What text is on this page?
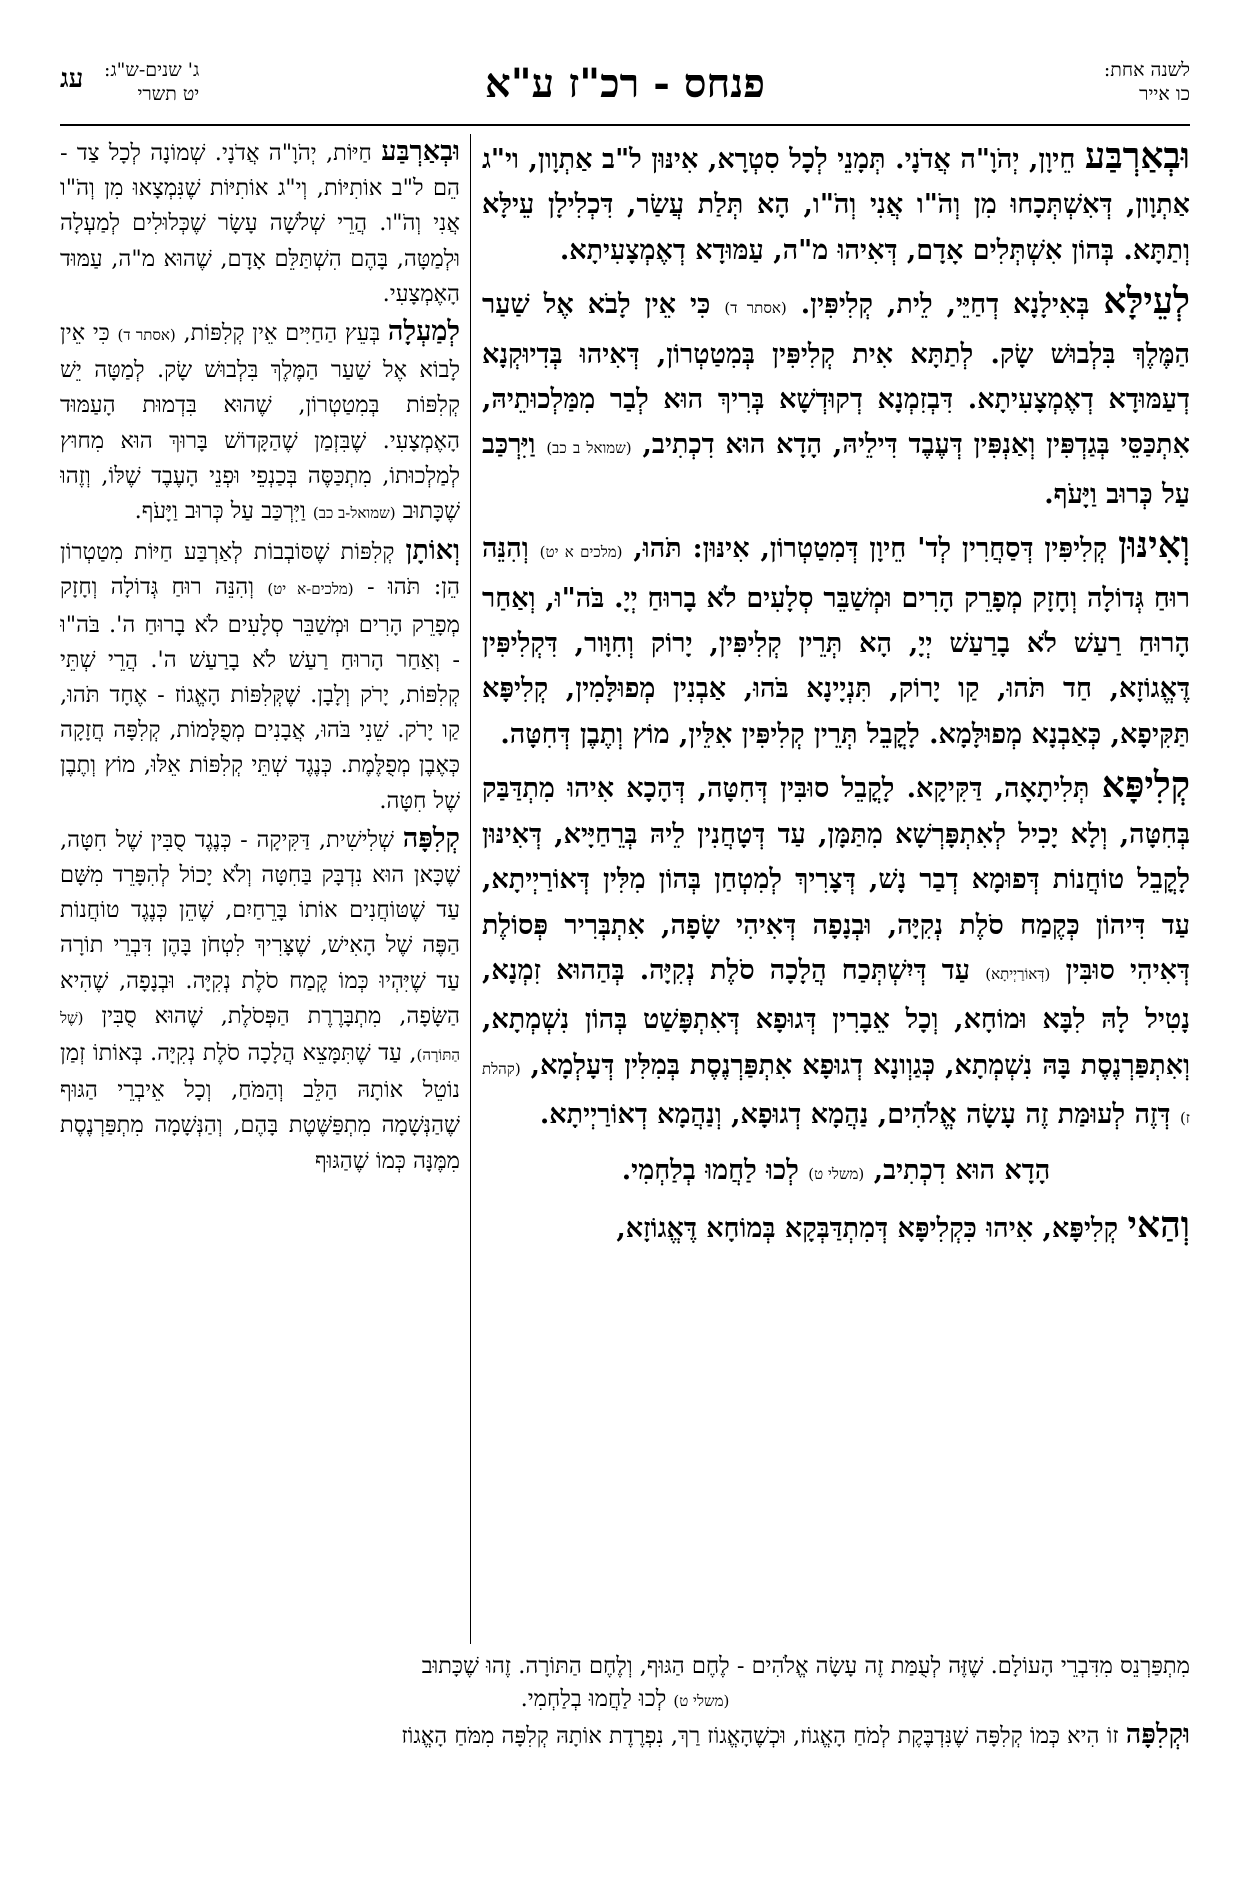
לשנה אחת:
כו אייר
פנחס - רכ"ז ע"א
ג' שנים-ש"ג:
יט תשרי
עג

וּבְאַרְבַּע חֵיוָן, יְהֹוָ"ה אֲדֹנָי. תְּמָנֵי לְכָל סִטְרָא, אִינּוּן ל"ב אַתְוָון, וי"ג אַתְוָון, דְּאִשְׁתְּכָחוּ מִן וְהֹ"ו אֲנִי וְהֹ"ו, הָא תְּלַת עֲשַׂר, דִּכְלִילָן עֵילָּא וְתַתָּא. בְּהוֹן אִשְׁתְּלִים אָדָם, דְּאִיהוּ מ"ה, עַמּוּדָא דְאֶמְצָעִיתָא.

לְעֵילָּא בְּאִילָנָא דְחַיֵּי, לֵית, קְלִיפִּין. (אסתר ד) כִּי אֵין לָבֹא אֶל שַׁעַר הַמֶּלֶךְ בִּלְבוּשׁ שָׂק. לְתַתָּא אִית קְלִיפִּין בְּמִטַטְרוֹן, דְּאִיהוּ בְּדִיוּקְנָא דְעַמּוּדָא דְאֶמְצָעִיתָא. דִּבְזִמְנָא דְקוּדְשָׁא בְּרִיךְ הוּא לְבַר מִמַּלְכוּתֵיהּ, אִתְכַּסֵּי בְּגַדְפִּין וְאַנְפִּין דְּעֶבֶד דִּילֵיהּ, הָדָא הוּא דִכְתִיב, (שמואל ב כב) וַיִּרְכַּב עַל כְּרוּב וַיָּעֹף.

וְאִינּוּן קְלִיפִּין דְּסַחֲרִין לְד' חֵיוָן דְּמִטַטְרוֹן, אִינּוּן: תֹּהוּ, (מלכים א יט) וְהִנֵּה רוּחַ גְּדוֹלָה וְחָזָק מְפָרֵק הָרִים וּמְשַׁבֵּר סְלָעִים לֹא בָרוּחַ יְיָ. בֹּה"וּ, וְאַחַר הָרוּחַ רַעַשׁ לֹא בָרַעַשׁ יְיָ, הָא תְּרֵין קְלִיפִּין, יָרוֹק וְחִוָּור, דִּקְלִיפִּין דֶּאֱגוֹזָא, חַד תֹּהוּ, קַו יָרוֹק, תִּנְיָינָא בֹּהוּ, אַבְנִין מְפוּלָּמִין, קְלִיפָּא תַּקִּיפָא, כְּאַבְנָא מְפוּלָּמָא. לָקֳבֵל תְּרֵין קְלִיפִּין אִלֵּין, מוֹץ וְתֶבֶן דְּחִטָּה.

קְלִיפָּא תְּלִיתָאָה, דַּקִּיקָא. לָקֳבֵל סוּבִּין דְּחִטָּה, דְּהָכָא אִיהוּ מִתְדַּבַּק בְּחִטָּה, וְלָא יָכִיל לְאִתְפָּרְשָׁא מִתַּמָּן, עַד דְּטָחֲנִין לֵיהּ בְּרֵחַיָּיא, דְּאִינּוּן לָקֳבֵל טוֹחֲנוֹת דְּפוּמָא דְבַר נָשׁ, דְּצָרִיךְ לְמִטְחַן בְּהוֹן מִלִּין דְּאוֹרַיְיתָא, עַד דִּיהוֹן כְּקֶמַח סֹלֶת נְקִיָּה, וּבְנָפָה דְּאִיהִי שָׂפָה, אִתְבְּרִיר פְּסוֹלֶת דְּאִיהִי סוּבִּין (דְּאוֹרַיְיתָא) עַד דְּיִשְׁתְּכַח הֲלָכָה סֹלֶת נְקִיָּה. בְּהַהוּא זִמְנָא, נָטִיל לָהּ לִבָּא וּמוֹחָא, וְכָל אֵבָרִין דְּגוּפָא דְּאִתְפָּשַׁט בְּהוֹן נִשְׁמְתָא, וְאִתְפַּרְנֶסֶת בָּהּ נִשְׁמְתָא, כְּגַוְונָא דְגוּפָא אִתְפַּרְנֶסֶת בְּמִלִּין דְּעָלְמָא, (קהלת ז) דְּזֶה לְעוּמַּת זֶה עָשָׂה אֱלֹהִים, נַהֲמָא דְגוּפָא, וְנַהֲמָא דְאוֹרַיְיתָא.

הָדָא הוּא דִכְתִיב, (משלי ט) לְכוּ לַחֲמוּ בְלַחְמִי.

וְהַאי קְלִיפָּא, אִיהוּ כִּקְלִיפָּא דְּמִתְדַּבְּקָא בְּמוֹחָא דֶּאֱגוֹזָא,

וּבְאַרְבַּע חַיּוֹת, יְהֹוָ"ה אֲדֹנָי. שְׁמוֹנָה לְכָל צַד - הֵם ל"ב אוֹתִיּוֹת, וְי"ג אוֹתִיּוֹת שֶׁנִּמְצָאוּ מִן וְהֹ"ו אֲנִי וְהֹ"ו. הֲרֵי שְׁלֹשָׁה עָשָׂר שֶׁכְּלוּלִים לְמַעְלָה וּלְמַטָּה, בָּהֶם הִשְׁתַּלֵּם אָדָם, שֶׁהוּא מ"ה, עַמּוּד הָאֶמְצָעִי.

לְמַעְלָה בְּעֵץ הַחַיִּים אֵין קְלִפּוֹת, (אסתר ד) כִּי אֵין לָבוֹא אֶל שַׁעַר הַמֶּלֶךְ בִּלְבוּשׁ שָׂק. לְמַטָּה יֵשׁ קְלִפּוֹת בְּמִטַטְרוֹן, שֶׁהוּא בִּדְמוּת הָעַמּוּד הָאֶמְצָעִי. שֶׁבִּזְמַן שֶׁהַקָּדוֹשׁ בָּרוּךְ הוּא מִחוּץ לְמַלְכוּתוֹ, מִתְכַּסֶּה בְּכַנְפֵי וּפְנֵי הָעֶבֶד שֶׁלּוֹ, וְזֶהוּ שֶׁכָּתוּב (שמואל-ב כב) וַיִּרְכַּב עַל כְּרוּב וַיָּעֹף.

וְאוֹתָן קְלִפּוֹת שֶׁסּוֹבְבוֹת לְאַרְבַּע חַיּוֹת מִטַטְרוֹן הֵן: תֹּהוּ - (מלכים-א יט) וְהִנֵּה רוּחַ גְּדוֹלָה וְחָזָק מְפָרֵק הָרִים וּמְשַׁבֵּר סְלָעִים לֹא בָרוּחַ ה'. בֹּה"וּ - וְאַחַר הָרוּחַ רַעַשׁ לֹא בָרַעַשׁ ה'. הֲרֵי שְׁתֵּי קְלִפּוֹת, יָרֹק וְלָבָן. שֶׁקְּלִפּוֹת הָאֱגוֹז - אֶחָד תֹּהוּ, קַו יָרֹק. שֵׁנִי בֹּהוּ, אֲבָנִים מְפֻלָּמוֹת, קְלִפָּה חֲזָקָה כְּאֶבֶן מְפֻלֶּמֶת. כְּנֶגֶד שְׁתֵּי קְלִפּוֹת אֵלּוּ, מוֹץ וְתֶבֶן שֶׁל חִטָּה.

קְלִפָּה שְׁלִישִׁית, דַּקִּיקָה - כְּנֶגֶד סֻבִּין שֶׁל חִטָּה, שֶׁכָּאן הוּא נִדְבָּק בַּחִטָּה וְלֹא יָכוֹל לְהִפָּרֵד מִשָּׁם עַד שֶׁטּוֹחֲנִים אוֹתוֹ בָּרֵחַיִם, שֶׁהֵן כְּנֶגֶד טוֹחֲנוֹת הַפֶּה שֶׁל הָאִישׁ, שֶׁצָּרִיךְ לִטְחֹן בָּהֶן דִּבְרֵי תוֹרָה עַד שֶׁיִּהְיוּ כְּמוֹ קֶמַח סֹלֶת נְקִיָּה. וּבְנָפָה, שֶׁהִיא הַשָּׂפָה, מִתְבָּרֶרֶת הַפְּסֹלֶת, שֶׁהוּא סֻבִּין (שֶׁל הַתּוֹרָה), עַד שֶׁתִּמָּצֵא הֲלָכָה סֹלֶת נְקִיָּה. בְּאוֹתוֹ זְמַן נוֹטֵל אוֹתָהּ הַלֵּב וְהַמֹּחַ, וְכָל אֵיבְרֵי הַגּוּף שֶׁהַנְּשָׁמָה מִתְפַּשֶּׁטֶת בָּהֶם, וְהַנְּשָׁמָה מִתְפַּרְנֶסֶת מִמֶּנָּה כְּמוֹ שֶׁהַגּוּף

מִתְפַּרְנֵס מִדִּבְרֵי הָעוֹלָם. שֶׁזֶּה לְעֻמַּת זֶה עָשָׂה אֱלֹהִים - לֶחֶם הַגּוּף, וְלֶחֶם הַתּוֹרָה. זֶהוּ שֶׁכָּתוּב

(משלי ט) לְכוּ לַחֲמוּ בְלַחְמִי.

וּקְלִפָּה זוֹ הִיא כְּמוֹ קְלִפָּה שֶׁנִּדְבֶּקֶת לְמֹחַ הָאֱגוֹז, וּכְשֶׁהָאֱגוֹז רַךְ, נִפְרֶדֶת אוֹתָהּ קְלִפָּה מִמֹּחַ הָאֱגוֹז
